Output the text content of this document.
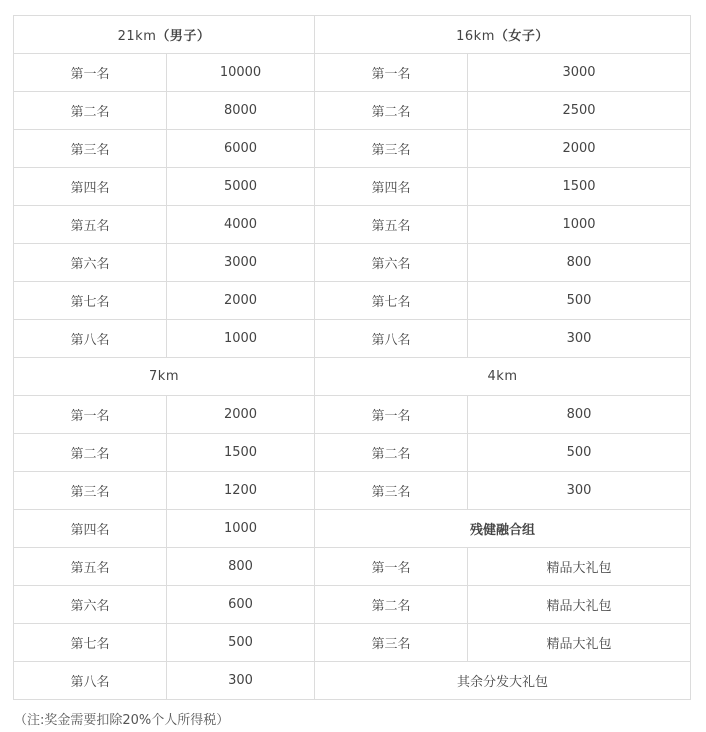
21km（男子）		16km（女子）	
第一名	10000	第一名	3000
第二名	8000	第二名	2500
第三名	6000	第三名	2000
第四名	5000	第四名	1500
第五名	4000	第五名	1000
第六名	3000	第六名	800
第七名	2000	第七名	500
第八名	1000	第八名	300
7km		4km	
第一名	2000	第一名	800
第二名	1500	第二名	500
第三名	1200	第三名	300
第四名	1000	残健融合组	
第五名	800	第一名	精品大礼包
第六名	600	第二名	精品大礼包
第七名	500	第三名	精品大礼包
第八名	300	其余分发大礼包	
（注:奖金需要扣除20%个人所得税）
